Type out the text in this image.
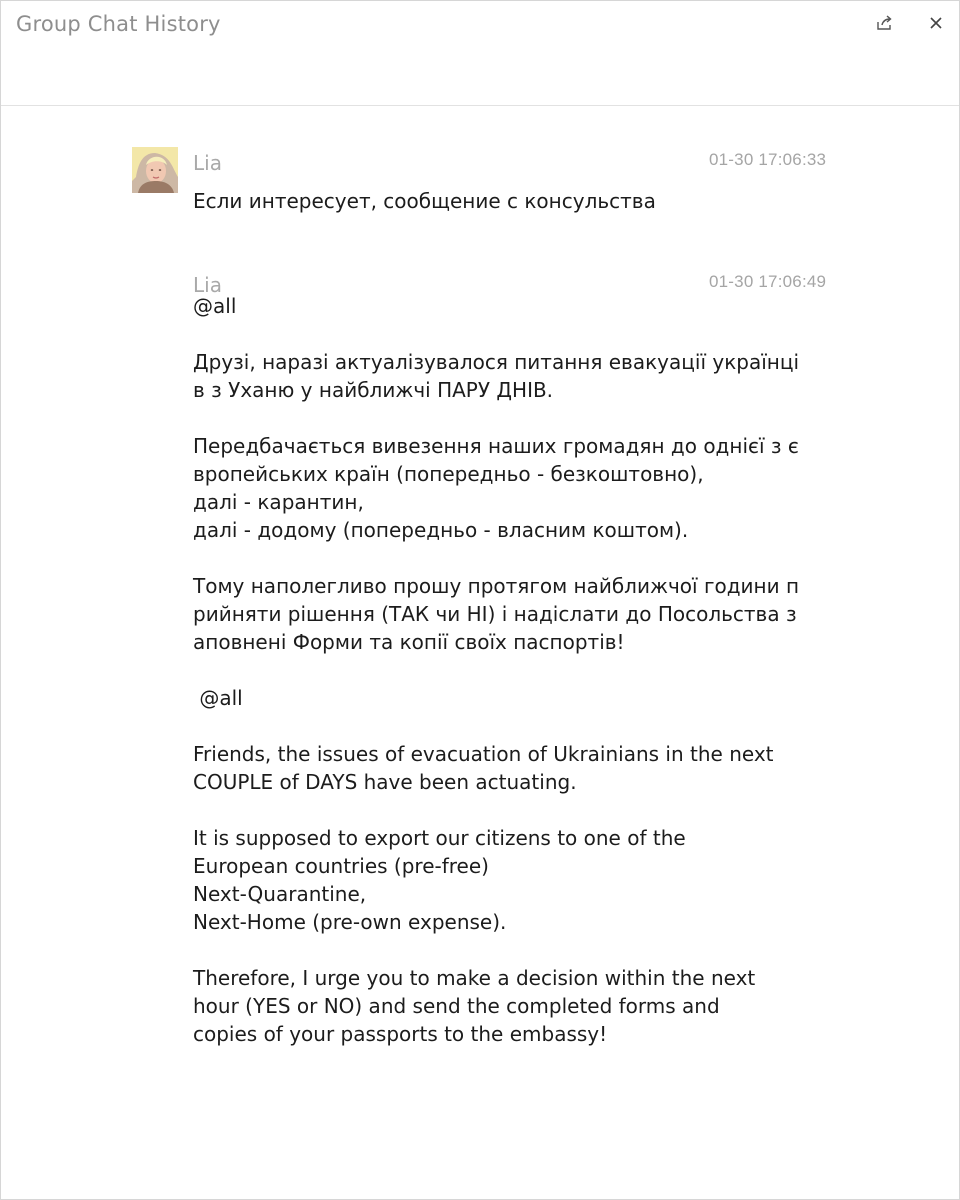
Group Chat History
Lia	01-30 17:06:33
Если интересует, сообщение с консульства
Lia	01-30 17:06:49
@all

Друзі, наразі актуалізувалося питання евакуації українці
в з Уханю у найближчі ПАРУ ДНІВ.

Передбачається вивезення наших громадян до однієї з є
вропейських країн (попередньо - безкоштовно),
далі - карантин,
далі - додому (попередньо - власним коштом).

Тому наполегливо прошу протягом найближчої години п
рийняти рішення (ТАК чи НІ) і надіслати до Посольства з
аповнені Форми та копії своїх паспортів!

@all

Friends, the issues of evacuation of Ukrainians in the next
COUPLE of DAYS have been actuating.

It is supposed to export our citizens to one of the
European countries (pre-free)
Next-Quarantine,
Next-Home (pre-own expense).

Therefore, I urge you to make a decision within the next
hour (YES or NO) and send the completed forms and
copies of your passports to the embassy!
